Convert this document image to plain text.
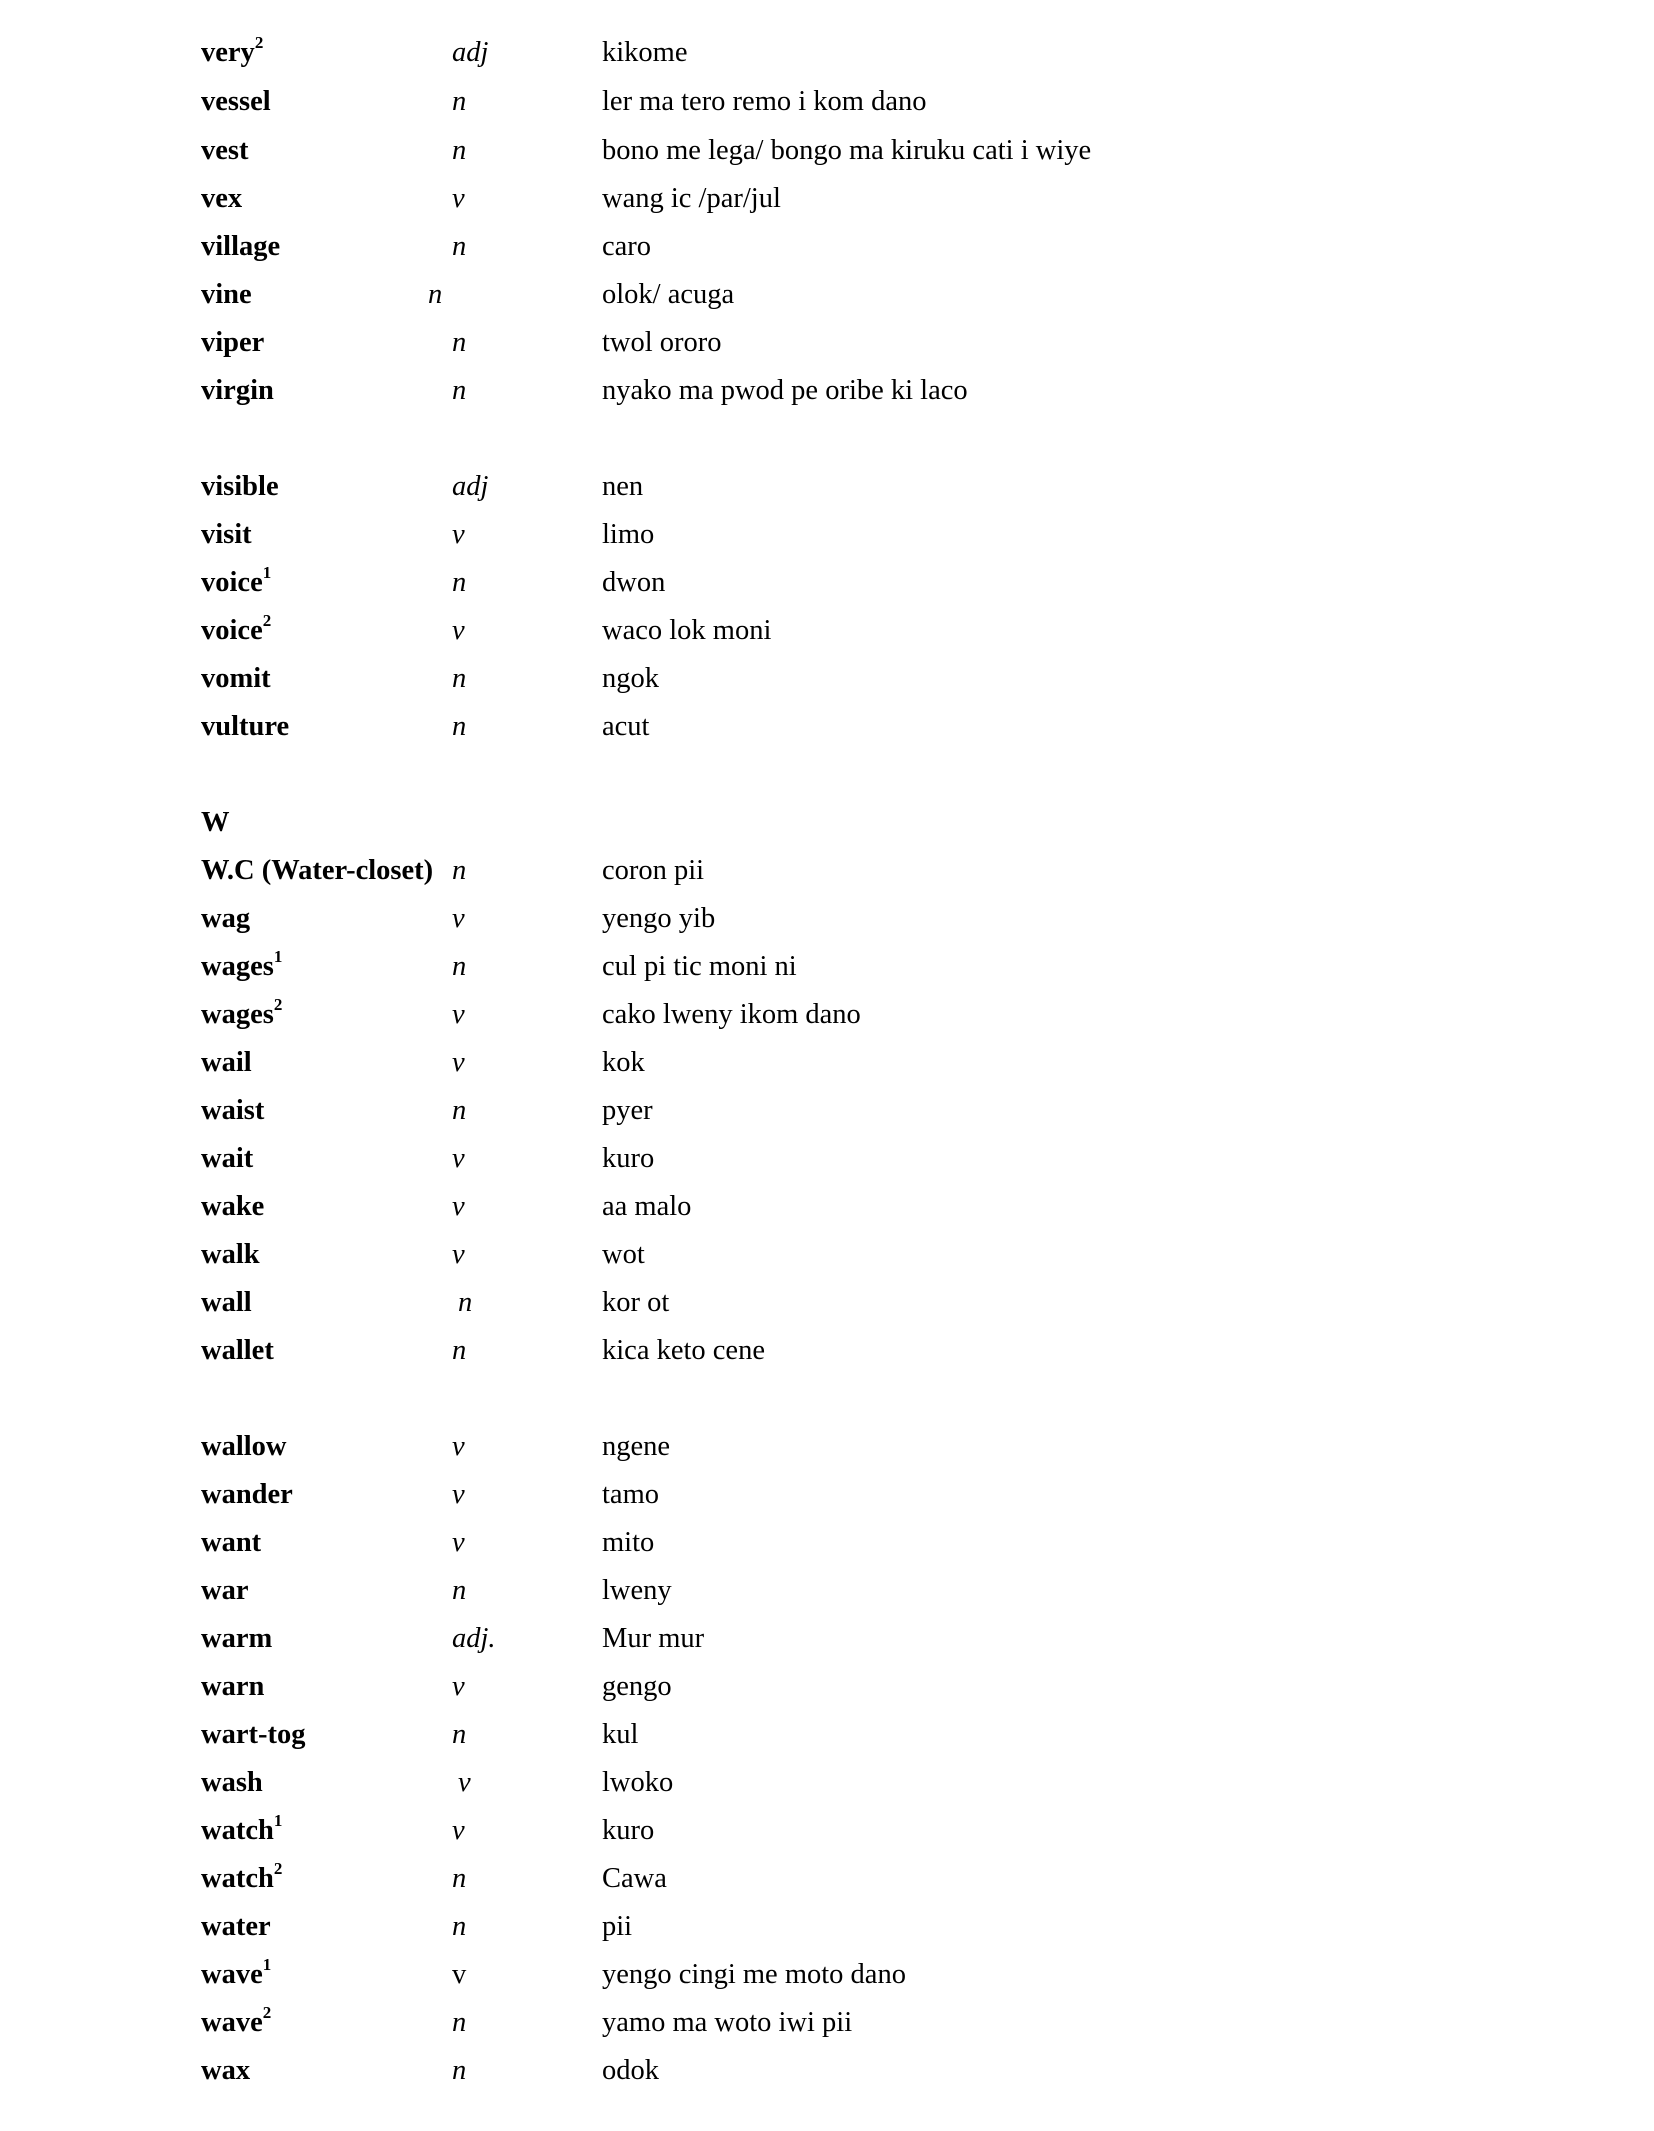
very$^2$	adj	kikome
vessel	n	ler ma tero remo i kom dano
vest	n	bono me lega/ bongo ma kiruku cati i wiye
vex	v	wang ic /par/jul
village	n	caro
vine	n	olok/ acuga
viper	n	twol ororo
virgin	n	nyako ma pwod pe oribe ki laco
visible	adj	nen
visit	v	limo
voice$^1$	n	dwon
voice$^2$	v	waco lok moni
vomit	n	ngok
vulture	n	acut
W
W.C (Water-closet) n	coron pii
wag	v	yengo yib
wages$^1$	n	cul pi tic moni ni
wages$^2$	v	cako lweny ikom dano
wail	v	kok
waist	n	pyer
wait	v	kuro
wake	v	aa malo
walk	v	wot
wall	n	kor ot
wallet	n	kica keto cene
wallow	v	ngene
wander	v	tamo
want	v	mito
war	n	lweny
warm	adj.	Mur mur
warn	v	gengo
wart-tog	n	kul
wash	v	lwoko
watch$^1$	v	kuro
watch$^2$	n	Cawa
water	n	pii
wave$^1$	v	yengo cingi me moto dano
wave$^2$	n	yamo ma woto iwi pii
wax	n	odok
